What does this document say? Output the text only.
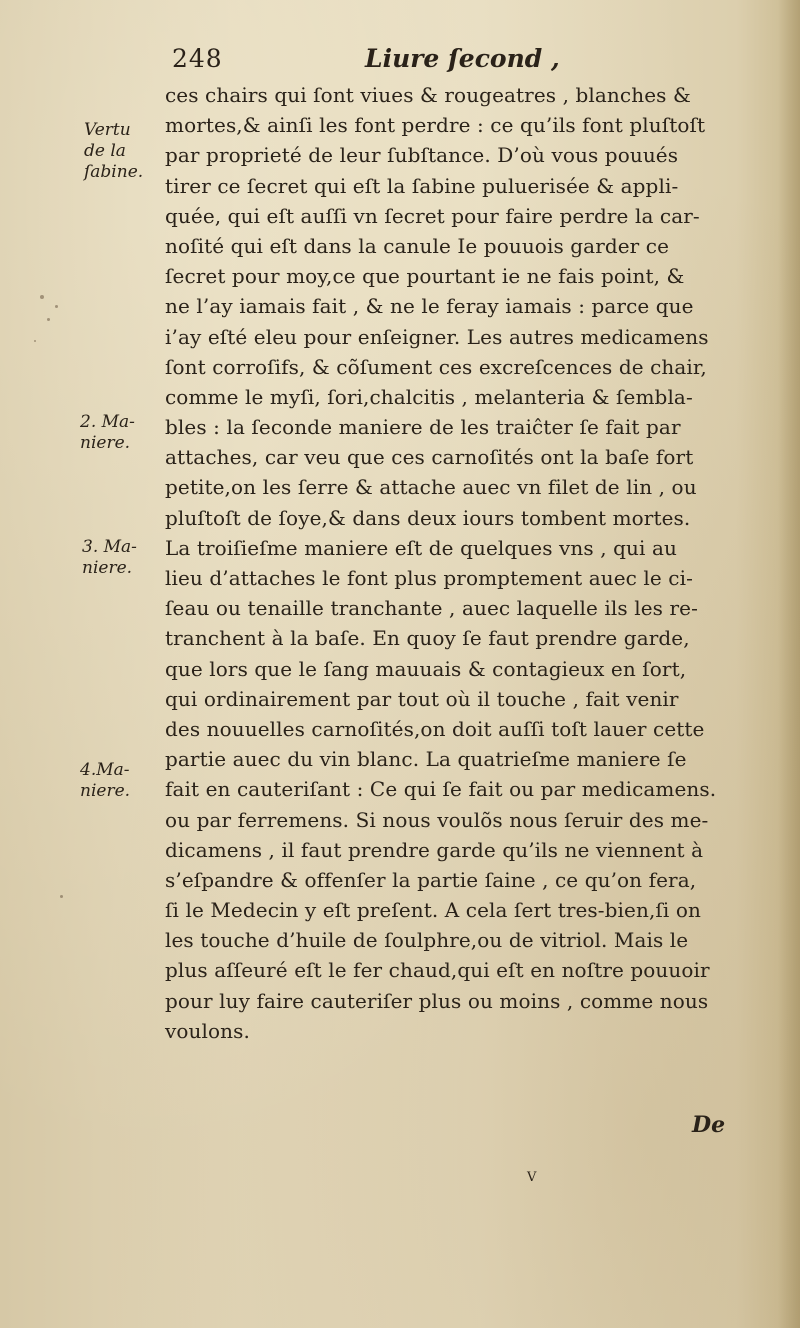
248	Liure ſecond ,
ces chairs qui ſont viues & rougeatres , blanches &
mortes,& ainſi les font perdre : ce qu’ils font pluſtoſt
par proprieté de leur ſubſtance. D’où vous pouués
tirer ce ſecret qui eſt la ſabine puluerisée & appli-
quée, qui eſt auſſi vn ſecret pour faire perdre la car-
noſité qui eſt dans la canule Ie pouuois garder ce
ſecret pour moy,ce que pourtant ie ne fais point, &
ne l’ay iamais fait , & ne le feray iamais : parce que
i’ay eſté eleu pour enſeigner. Les autres medicamens
ſont corroſifs, & cõſument ces excreſcences de chair,
comme le myſi, ſori,chalcitis , melanteria & ſembla-
bles : la ſeconde maniere de les traiĉter ſe fait par
attaches, car veu que ces carnoſités ont la baſe fort
petite,on les ſerre & attache auec vn filet de lin , ou
pluſtoſt de ſoye,& dans deux iours tombent mortes.
La troiſieſme maniere eſt de quelques vns , qui au
lieu d’attaches le font plus promptement auec le ci-
ſeau ou tenaille tranchante , auec laquelle ils les re-
tranchent à la baſe. En quoy ſe faut prendre garde,
que lors que le ſang mauuais & contagieux en ſort,
qui ordinairement par tout où il touche , fait venir
des nouuelles carnoſités,on doit auſſi toſt lauer cette
partie auec du vin blanc. La quatrieſme maniere ſe
fait en cauteriſant : Ce qui ſe fait ou par medicamens.
ou par ferremens. Si nous voulõs nous ſeruir des me-
dicamens , il faut prendre garde qu’ils ne viennent à
s’eſpandre & offenſer la partie ſaine , ce qu’on fera,
ſi le Medecin y eſt preſent. A cela ſert tres-bien,ſi on
les touche d’huile de ſoulphre,ou de vitriol. Mais le
plus aſſeuré eſt le fer chaud,qui eſt en noſtre pouuoir
pour luy faire cauteriſer plus ou moins , comme nous
voulons.
Vertu
de la
ſabine.
2. Ma-
niere.
3. Ma-
niere.
4.Ma-
niere.
De
V
